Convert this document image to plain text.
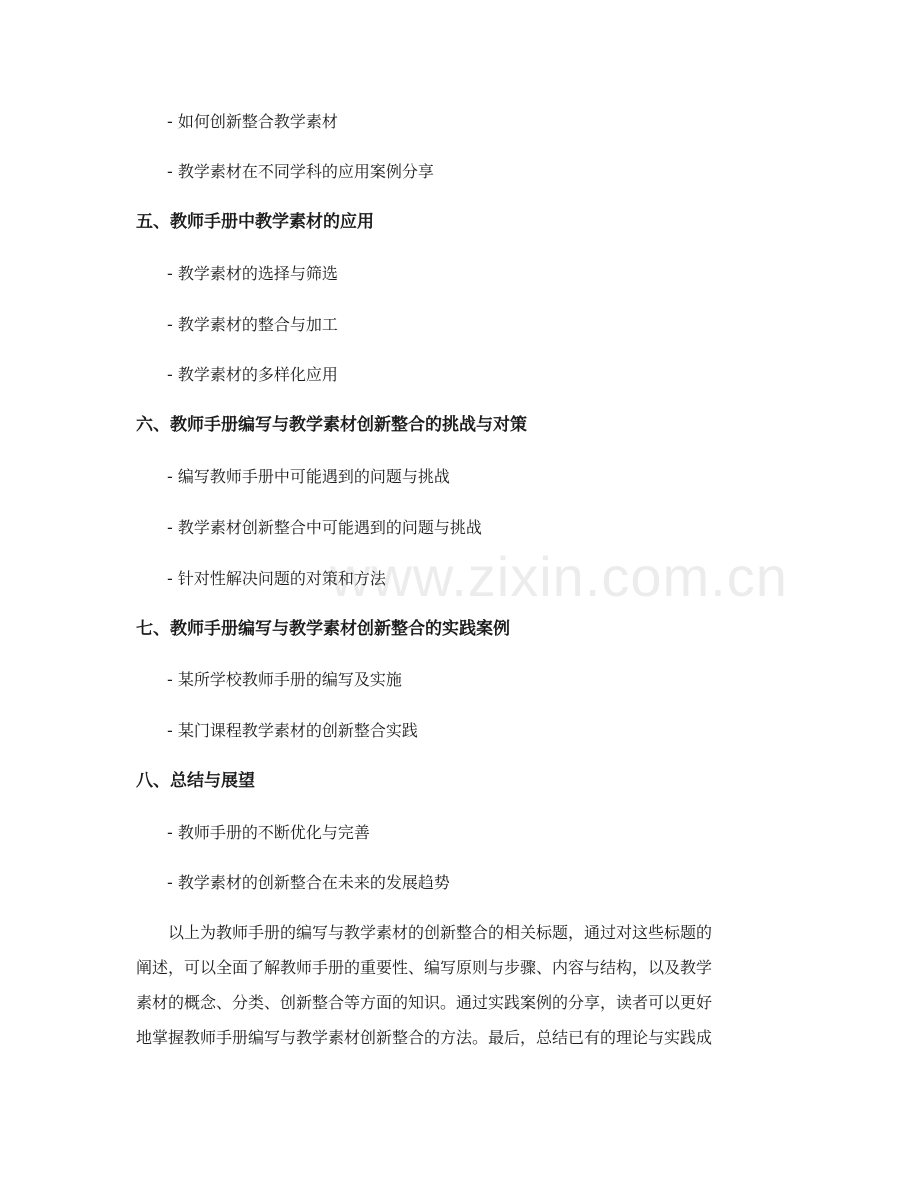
www.zixin.com.cn
- 如何创新整合教学素材
- 教学素材在不同学科的应用案例分享
五、教师手册中教学素材的应用
- 教学素材的选择与筛选
- 教学素材的整合与加工
- 教学素材的多样化应用
六、教师手册编写与教学素材创新整合的挑战与对策
- 编写教师手册中可能遇到的问题与挑战
- 教学素材创新整合中可能遇到的问题与挑战
- 针对性解决问题的对策和方法
七、教师手册编写与教学素材创新整合的实践案例
- 某所学校教师手册的编写及实施
- 某门课程教学素材的创新整合实践
八、总结与展望
- 教师手册的不断优化与完善
- 教学素材的创新整合在未来的发展趋势
以上为教师手册的编写与教学素材的创新整合的相关标题，通过对这些标题的
阐述，可以全面了解教师手册的重要性、编写原则与步骤、内容与结构，以及教学
素材的概念、分类、创新整合等方面的知识。通过实践案例的分享，读者可以更好
地掌握教师手册编写与教学素材创新整合的方法。最后，总结已有的理论与实践成
